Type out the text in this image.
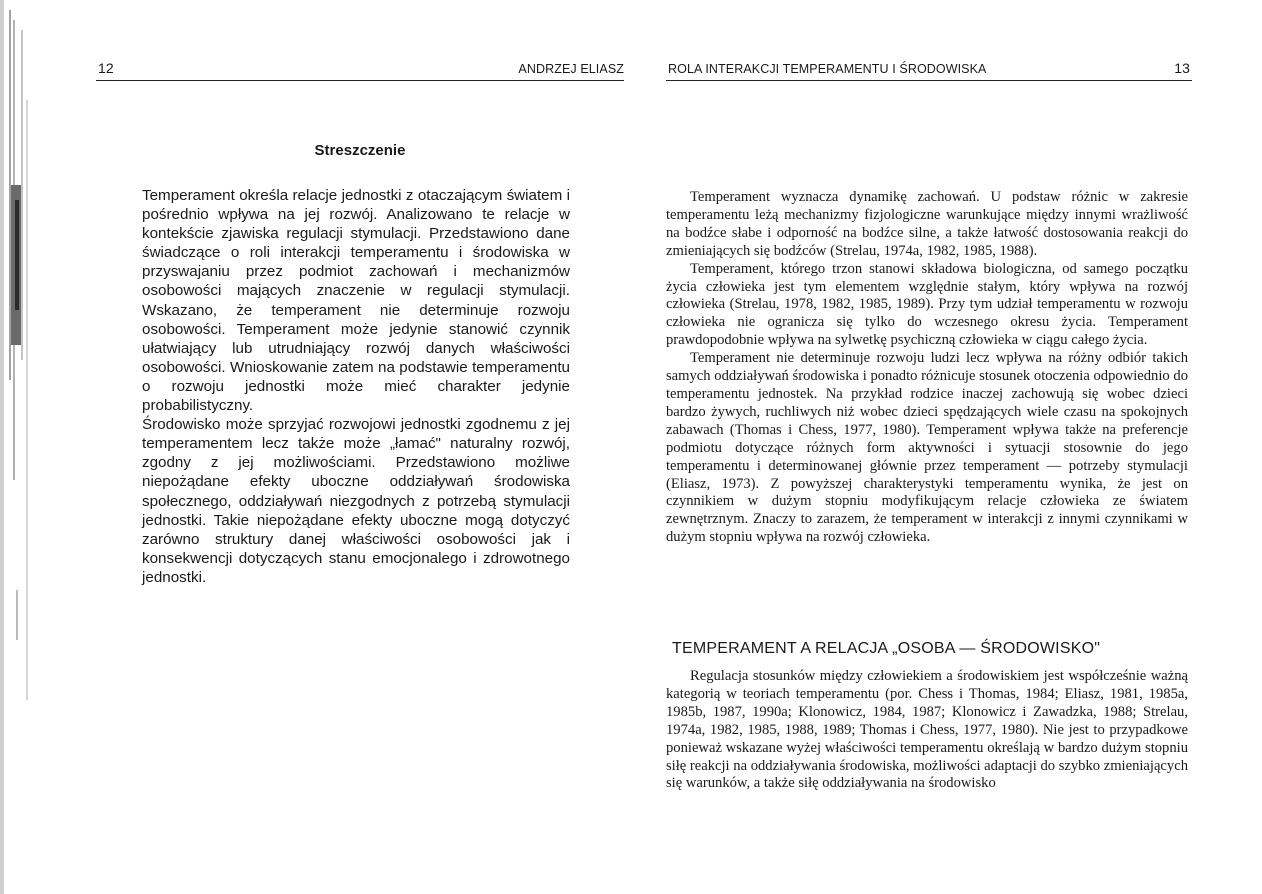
12	ANDRZEJ ELIASZ
Streszczenie

Temperament określa relacje jednostki z otaczającym światem i pośrednio wpływa na jej rozwój. Analizowano te relacje w kontekście zjawiska regulacji stymulacji. Przedstawiono dane świadczące o roli interakcji temperamentu i środowiska w przyswajaniu przez podmiot zachowań i mechanizmów osobowości mających znaczenie w regulacji stymulacji. Wskazano, że temperament nie determinuje rozwoju osobowości. Temperament może jedynie stanowić czynnik ułatwiający lub utrudniający rozwój danych właściwości osobowości. Wnioskowanie zatem na podstawie temperamentu o rozwoju jednostki może mieć charakter jedynie probabilistyczny.

Środowisko może sprzyjać rozwojowi jednostki zgodnemu z jej temperamentem lecz także może „łamać" naturalny rozwój, zgodny z jej możliwościami. Przedstawiono możliwe niepożądane efekty uboczne oddziaływań środowiska społecznego, oddziaływań niezgodnych z potrzebą stymulacji jednostki. Takie niepożądane efekty uboczne mogą dotyczyć zarówno struktury danej właściwości osobowości jak i konsekwencji dotyczących stanu emocjonalego i zdrowotnego jednostki.

ROLA INTERAKCJI TEMPERAMENTU I ŚRODOWISKA	13

Temperament wyznacza dynamikę zachowań. U podstaw różnic w zakresie temperamentu leżą mechanizmy fizjologiczne warunkujące między innymi wrażliwość na bodźce słabe i odporność na bodźce silne, a także łatwość dostosowania reakcji do zmieniających się bodźców (Strelau, 1974a, 1982, 1985, 1988).

Temperament, którego trzon stanowi składowa biologiczna, od samego początku życia człowieka jest tym elementem względnie stałym, który wpływa na rozwój człowieka (Strelau, 1978, 1982, 1985, 1989). Przy tym udział temperamentu w rozwoju człowieka nie ogranicza się tylko do wczesnego okresu życia. Temperament prawdopodobnie wpływa na sylwetkę psychiczną człowieka w ciągu całego życia.

Temperament nie determinuje rozwoju ludzi lecz wpływa na różny odbiór takich samych oddziaływań środowiska i ponadto różnicuje stosunek otoczenia odpowiednio do temperamentu jednostek. Na przykład rodzice inaczej zachowują się wobec dzieci bardzo żywych, ruchliwych niż wobec dzieci spędzających wiele czasu na spokojnych zabawach (Thomas i Chess, 1977, 1980). Temperament wpływa także na preferencje podmiotu dotyczące różnych form aktywności i sytuacji stosownie do jego temperamentu i determinowanej głównie przez temperament — potrzeby stymulacji (Eliasz, 1973). Z powyższej charakterystyki temperamentu wynika, że jest on czynnikiem w dużym stopniu modyfikującym relacje człowieka ze światem zewnętrznym. Znaczy to zarazem, że temperament w interakcji z innymi czynnikami w dużym stopniu wpływa na rozwój człowieka.

TEMPERAMENT A RELACJA „OSOBA — ŚRODOWISKO"

Regulacja stosunków między człowiekiem a środowiskiem jest współcześnie ważną kategorią w teoriach temperamentu (por. Chess i Thomas, 1984; Eliasz, 1981, 1985a, 1985b, 1987, 1990a; Klonowicz, 1984, 1987; Klonowicz i Zawadzka, 1988; Strelau, 1974a, 1982, 1985, 1988, 1989; Thomas i Chess, 1977, 1980). Nie jest to przypadkowe ponieważ wskazane wyżej właściwości temperamentu określają w bardzo dużym stopniu siłę reakcji na oddziaływania środowiska, możliwości adaptacji do szybko zmieniających się warunków, a także siłę oddziaływania na środowisko
